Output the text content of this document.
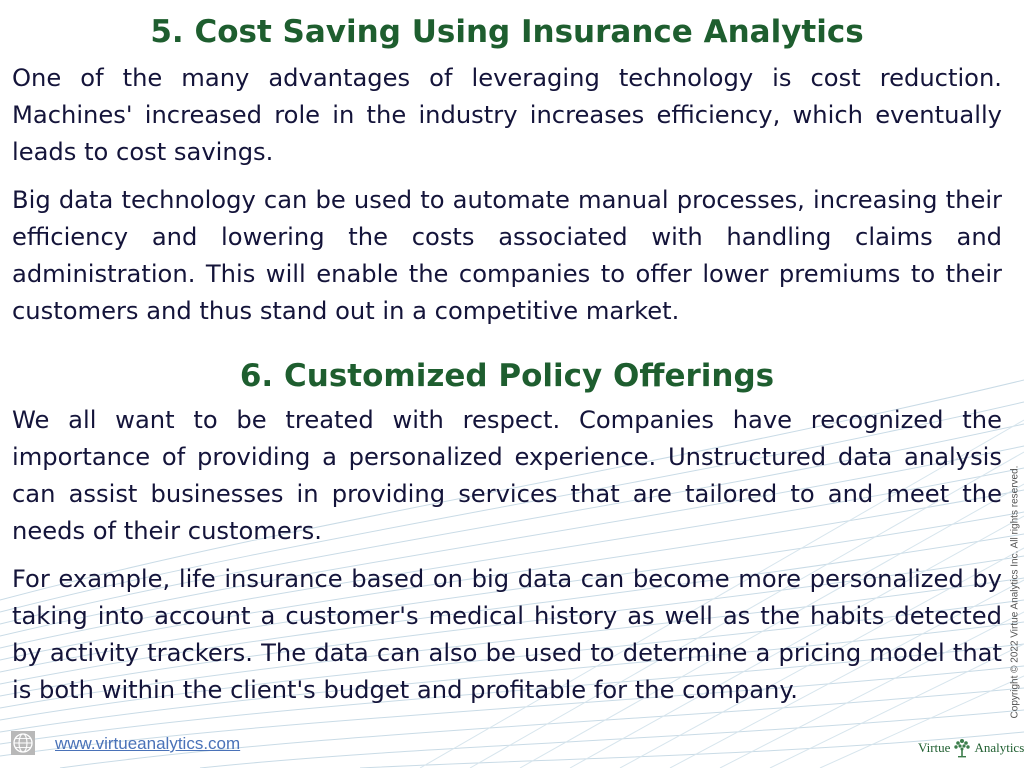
5. Cost Saving Using Insurance Analytics

One of the many advantages of leveraging technology is cost reduction. Machines' increased role in the industry increases efficiency, which eventually leads to cost savings.

Big data technology can be used to automate manual processes, increasing their efficiency and lowering the costs associated with handling claims and administration. This will enable the companies to offer lower premiums to their customers and thus stand out in a competitive market.

6. Customized Policy Offerings

We all want to be treated with respect. Companies have recognized the importance of providing a personalized experience. Unstructured data analysis can assist businesses in providing services that are tailored to and meet the needs of their customers.

For example, life insurance based on big data can become more personalized by taking into account a customer's medical history as well as the habits detected by activity trackers. The data can also be used to determine a pricing model that is both within the client's budget and profitable for the company.	Copyright © 2022 Virtue Analytics Inc. All rights reserved.
www.virtueanalytics.com	Virtue Analytics
